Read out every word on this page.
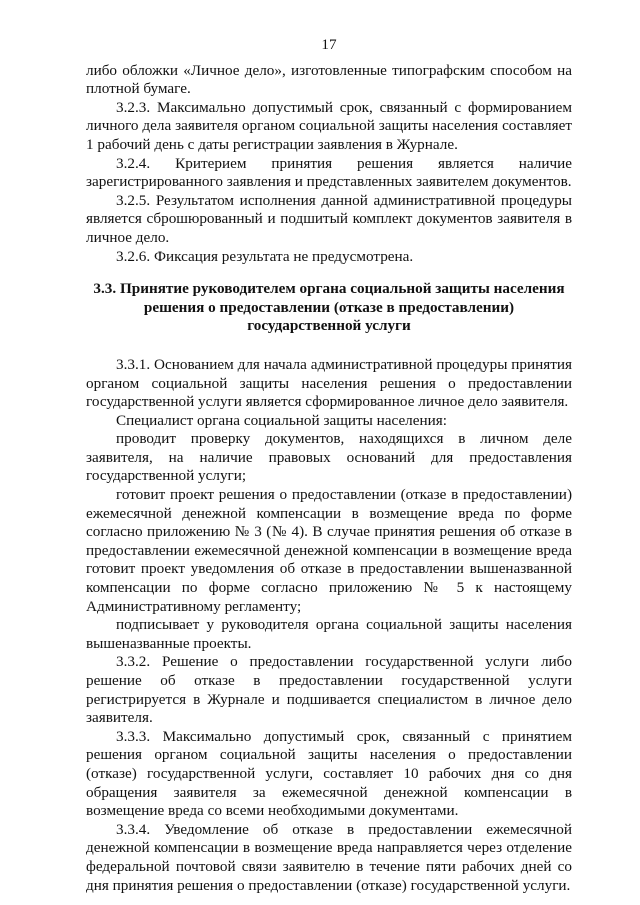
17

либо обложки «Личное дело», изготовленные типографским способом на плотной бумаге.

3.2.3. Максимально допустимый срок, связанный с формированием личного дела заявителя органом социальной защиты населения составляет 1 рабочий день с даты регистрации заявления в Журнале.

3.2.4. Критерием принятия решения является наличие зарегистрированного заявления и представленных заявителем документов.

3.2.5. Результатом исполнения данной административной процедуры является сброшюрованный и подшитый комплект документов заявителя в личное дело.

3.2.6. Фиксация результата не предусмотрена.

3.3. Принятие руководителем органа социальной защиты населения решения о предоставлении (отказе в предоставлении) государственной услуги

3.3.1. Основанием для начала административной процедуры принятия органом социальной защиты населения решения о предоставлении государственной услуги является сформированное личное дело заявителя.

Специалист органа социальной защиты населения:

проводит проверку документов, находящихся в личном деле заявителя, на наличие правовых оснований для предоставления государственной услуги;

готовит проект решения о предоставлении (отказе в предоставлении) ежемесячной денежной компенсации в возмещение вреда по форме согласно приложению № 3 (№ 4). В случае принятия решения об отказе в предоставлении ежемесячной денежной компенсации в возмещение вреда готовит проект уведомления об отказе в предоставлении вышеназванной компенсации по форме согласно приложению № 5 к настоящему Административному регламенту;

подписывает у руководителя органа социальной защиты населения вышеназванные проекты.

3.3.2. Решение о предоставлении государственной услуги либо решение об отказе в предоставлении государственной услуги регистрируется в Журнале и подшивается специалистом в личное дело заявителя.

3.3.3. Максимально допустимый срок, связанный с принятием решения органом социальной защиты населения о предоставлении (отказе) государственной услуги, составляет 10 рабочих дня со дня обращения заявителя за ежемесячной денежной компенсации в возмещение вреда со всеми необходимыми документами.

3.3.4. Уведомление об отказе в предоставлении ежемесячной денежной компенсации в возмещение вреда направляется через отделение федеральной почтовой связи заявителю в течение пяти рабочих дней со дня принятия решения о предоставлении (отказе) государственной услуги.
